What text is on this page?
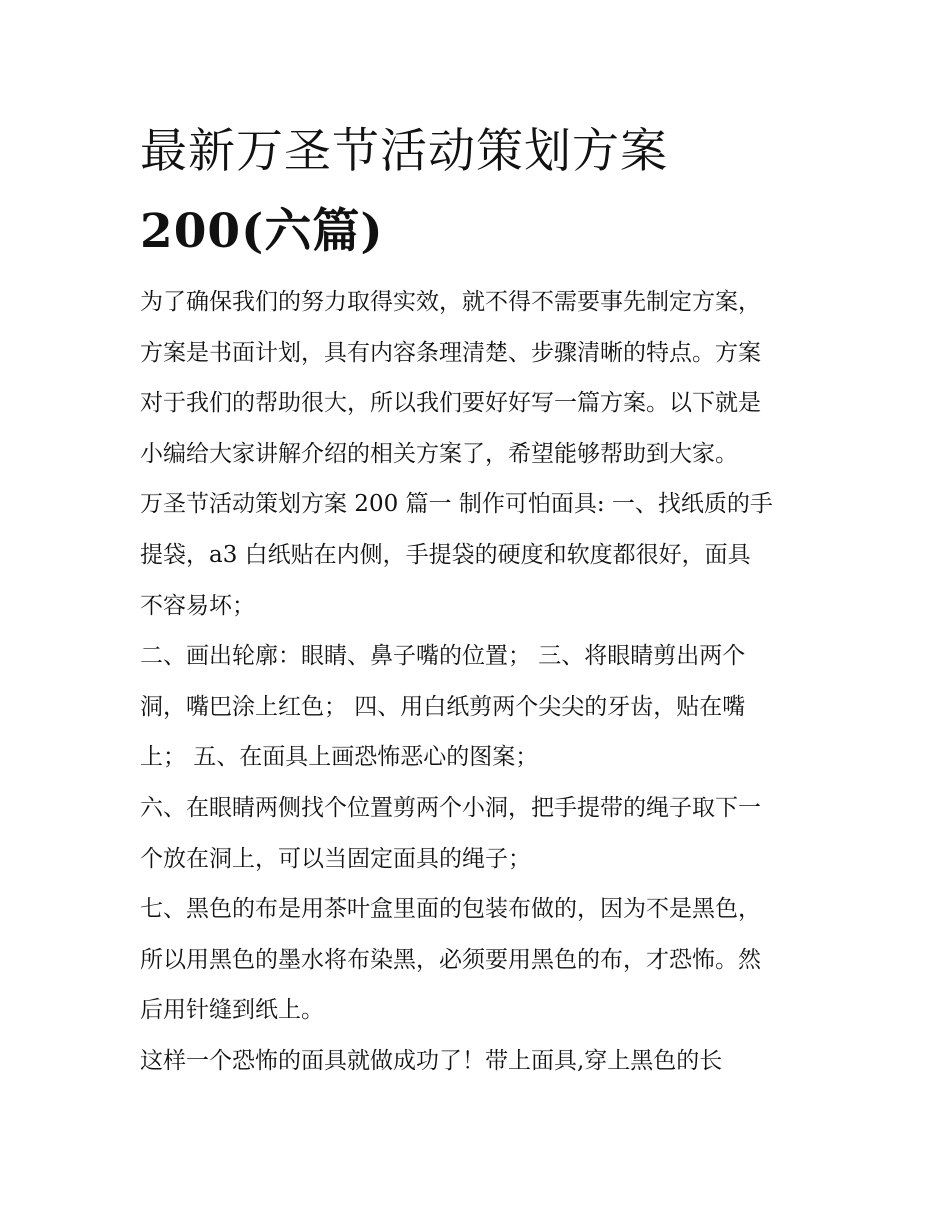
最新万圣节活动策划方案
200(六篇)
为了确保我们的努力取得实效，就不得不需要事先制定方案，
方案是书面计划，具有内容条理清楚、步骤清晰的特点。方案
对于我们的帮助很大，所以我们要好好写一篇方案。以下就是
小编给大家讲解介绍的相关方案了，希望能够帮助到大家。
万圣节活动策划方案 200 篇一 制作可怕面具: 一、找纸质的手
提袋，a3 白纸贴在内侧，手提袋的硬度和软度都很好，面具
不容易坏；
二、画出轮廓：眼睛、鼻子嘴的位置； 三、将眼睛剪出两个
洞，嘴巴涂上红色； 四、用白纸剪两个尖尖的牙齿，贴在嘴
上； 五、在面具上画恐怖恶心的图案；
六、在眼睛两侧找个位置剪两个小洞，把手提带的绳子取下一
个放在洞上，可以当固定面具的绳子；
七、黑色的布是用茶叶盒里面的包装布做的，因为不是黑色，
所以用黑色的墨水将布染黑，必须要用黑色的布，才恐怖。然
后用针缝到纸上。
这样一个恐怖的面具就做成功了！带上面具,穿上黑色的长
